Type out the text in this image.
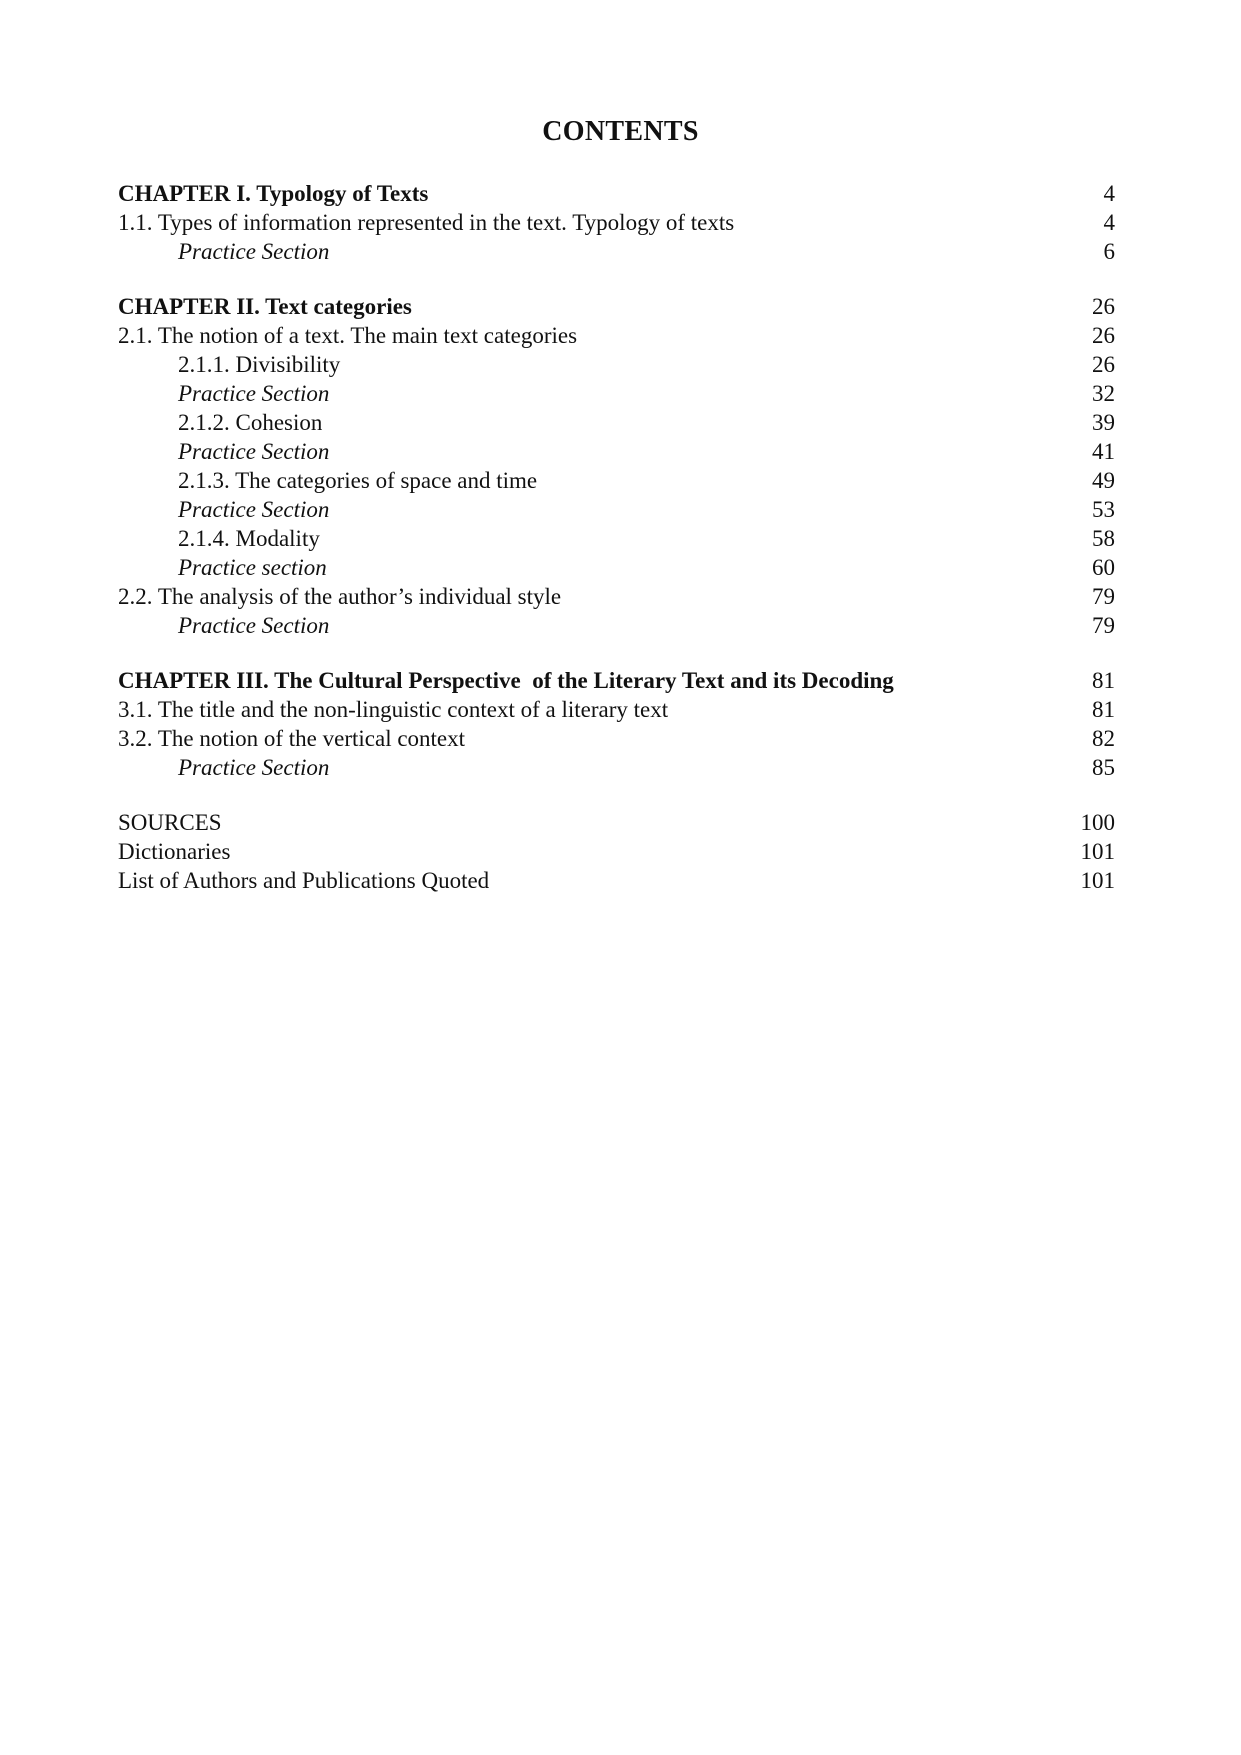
CONTENTS
CHAPTER I. Typology of Texts	4
1.1. Types of information represented in the text. Typology of texts	4
Practice Section	6
CHAPTER II. Text categories	26
2.1. The notion of a text. The main text categories	26
2.1.1. Divisibility	26
Practice Section	32
2.1.2. Cohesion	39
Practice Section	41
2.1.3. The categories of space and time	49
Practice Section	53
2.1.4. Modality	58
Practice section	60
2.2. The analysis of the author’s individual style	79
Practice Section	79
CHAPTER III. The Cultural Perspective  of the Literary Text and its Decoding	81
3.1. The title and the non-linguistic context of a literary text	81
3.2. The notion of the vertical context	82
Practice Section	85
SOURCES	100
Dictionaries	101
List of Authors and Publications Quoted	101
